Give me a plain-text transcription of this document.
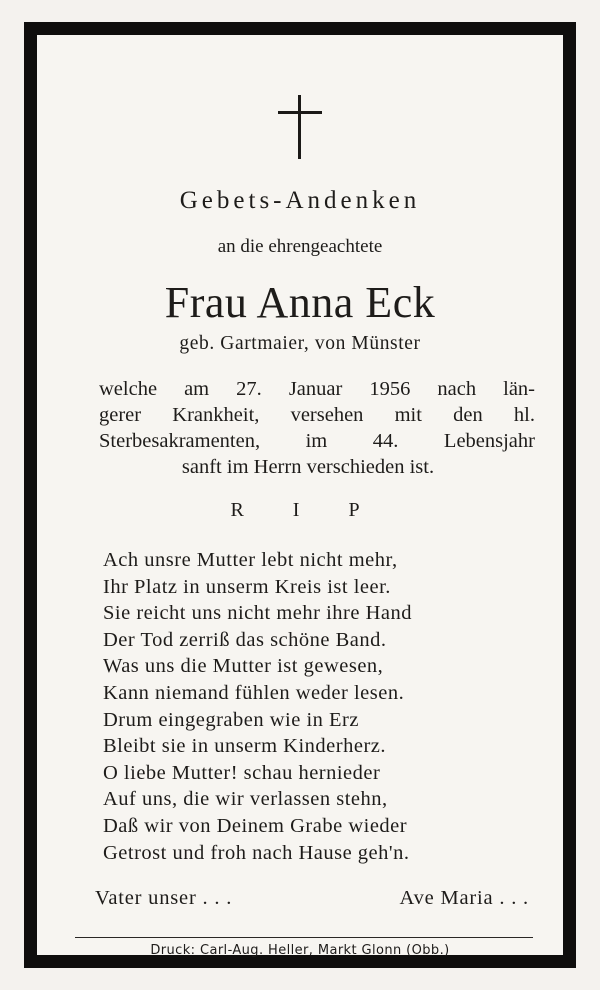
Gebets-Andenken
an die ehrengeachtete
Frau Anna Eck
geb. Gartmaier, von Münster
welche am 27. Januar 1956 nach län-
gerer Krankheit, versehen mit den hl.
Sterbesakramenten, im 44. Lebensjahr
sanft im Herrn verschieden ist.
R I P
Ach unsre Mutter lebt nicht mehr,
Ihr Platz in unserm Kreis ist leer.
Sie reicht uns nicht mehr ihre Hand
Der Tod zerriß das schöne Band.
Was uns die Mutter ist gewesen,
Kann niemand fühlen weder lesen.
Drum eingegraben wie in Erz
Bleibt sie in unserm Kinderherz.
O liebe Mutter! schau hernieder
Auf uns, die wir verlassen stehn,
Daß wir von Deinem Grabe wieder
Getrost und froh nach Hause geh'n.
Vater unser . . .	Ave Maria . . .
Druck: Carl-Aug. Heller, Markt Glonn (Obb.)
